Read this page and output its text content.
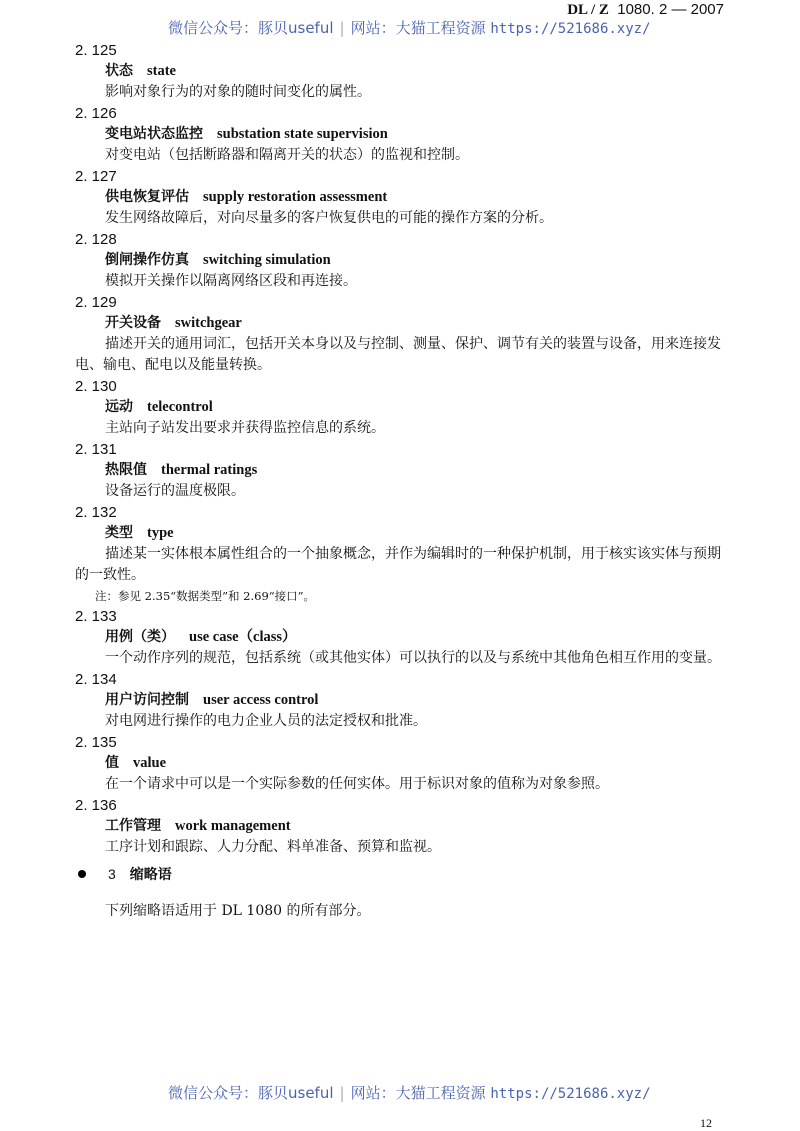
DL / Z 1080. 2 — 2007
微信公众号：豚贝useful | 网站：大猫工程资源 https://521686.xyz/
2. 125
状态 state
影响对象行为的对象的随时间变化的属性。
2. 126
变电站状态监控 substation state supervision
对变电站（包括断路器和隔离开关的状态）的监视和控制。
2. 127
供电恢复评估 supply restoration assessment
发生网络故障后，对向尽量多的客户恢复供电的可能的操作方案的分析。
2. 128
倒闸操作仿真 switching simulation
模拟开关操作以隔离网络区段和再连接。
2. 129
开关设备 switchgear
描述开关的通用词汇，包括开关本身以及与控制、测量、保护、调节有关的装置与设备，用来连接发
电、输电、配电以及能量转换。
2. 130
远动 telecontrol
主站向子站发出要求并获得监控信息的系统。
2. 131
热限值 thermal ratings
设备运行的温度极限。
2. 132
类型 type
描述某一实体根本属性组合的一个抽象概念，并作为编辑时的一种保护机制，用于核实该实体与预期
的一致性。
注：参见 2.35“数据类型”和 2.69“接口”。
2. 133
用例（类） use case（class）
一个动作序列的规范，包括系统（或其他实体）可以执行的以及与系统中其他角色相互作用的变量。
2. 134
用户访问控制 user access control
对电网进行操作的电力企业人员的法定授权和批准。
2. 135
值 value
在一个请求中可以是一个实际参数的任何实体。用于标识对象的值称为对象参照。
2. 136
工作管理 work management
工序计划和跟踪、人力分配、料单准备、预算和监视。
3 缩略语
下列缩略语适用于 DL 1080 的所有部分。
微信公众号：豚贝useful | 网站：大猫工程资源 https://521686.xyz/
12
